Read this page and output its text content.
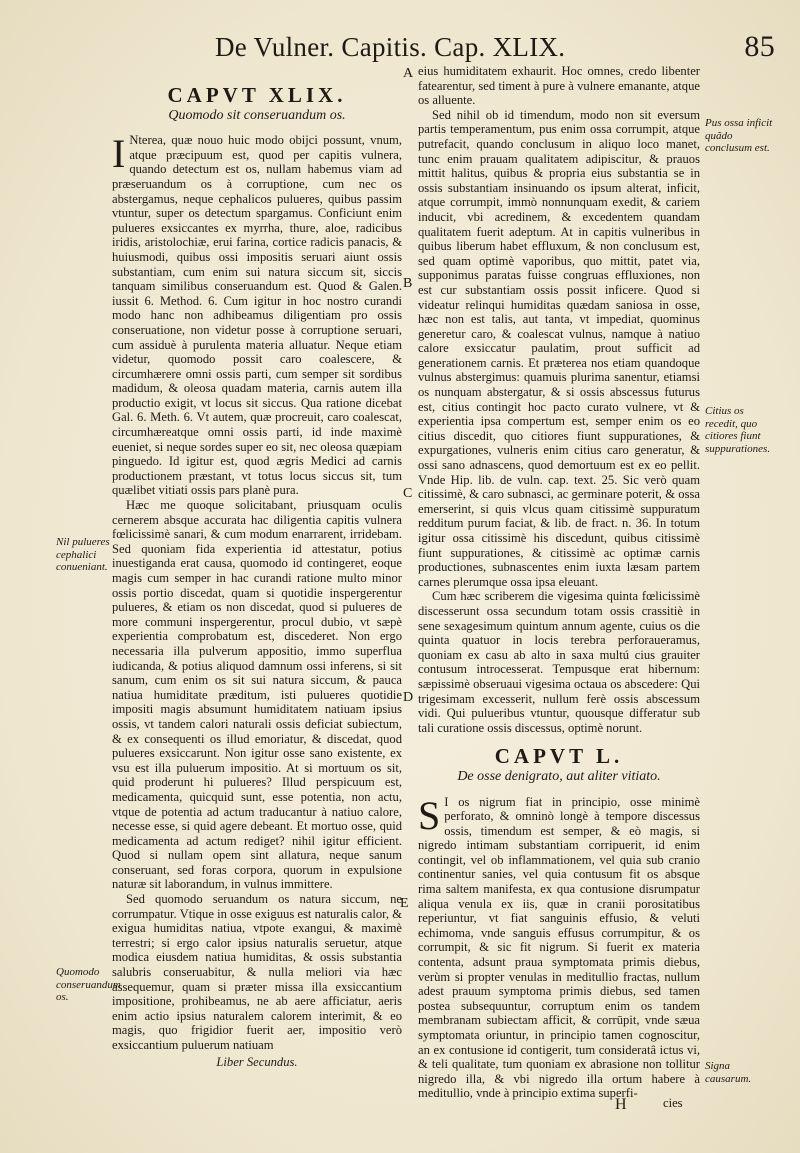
De Vulner. Capitis. Cap. XLIX.	85
CAPVT XLIX.
Quomodo sit conseruandum os.

I Nterea, quæ nouo huic modo obijci possunt, vnum, atque præcipuum est, quod per capitis vulnera, quando detectum est os, nullam habemus viam ad præseruandum os à corruptione, cum nec os abstergamus, neque cephalicos pulueres, quibus passim vtuntur, super os detectum spargamus. Conficiunt enim pulueres exsiccantes ex myrrha, thure, aloe, radicibus iridis, aristolochiæ, erui farina, cortice radicis panacis, & huiusmodi, quibus ossi impositis seruari aiunt ossis substantiam, cum enim sui natura siccum sit, siccis tanquam similibus conseruandum est. Quod & Galen. iussit 6. Method. 6. Cum igitur in hoc nostro curandi modo hanc non adhibeamus diligentiam pro ossis conseruatione, non videtur posse à corruptione seruari, cum assiduè à purulenta materia alluatur. Neque etiam videtur, quomodo possit caro coalescere, & circumhærere omni ossis parti, cum semper sit sordibus madidum, & oleosa quadam materia, carnis autem illa productio exigit, vt locus sit siccus. Qua ratione dicebat Gal. 6. Meth. 6. Vt autem, quæ procreuit, caro coalescat, circumhæreatque omni ossis parti, id inde maximè eueniet, si neque sordes super eo sit, nec oleosa quæpiam pinguedo. Id igitur est, quod ægris Medici ad carnis productionem præstant, vt totus locus siccus sit, tum quælibet vitiati ossis pars planè pura.

Hæc me quoque solicitabant, priusquam oculis cernerem absque accurata hac diligentia capitis vulnera fœlicissimè sanari, & cum modum enarrarent, irridebam. Sed quoniam fida experientia id attestatur, potius inuestiganda erat causa, quomodo id contingeret, eoque magis cum semper in hac curandi ratione multo minor ossis portio discedat, quam si quotidie inspergerentur pulueres, & etiam os non discedat, quod si pulueres de more communi inspergerentur, procul dubio, vt sæpè experientia comprobatum est, discederet. Non ergo necessaria illa pulverum appositio, immo superflua iudicanda, & potius aliquod damnum ossi inferens, si sit sanum, cum enim os sit sui natura siccum, & pauca natiua humiditate præditum, isti pulueres quotidie impositi magis absumunt humiditatem natiuam ipsius ossis, vt tandem calori naturali ossis deficiat subiectum, & ex consequenti os illud emoriatur, & discedat, quod pulueres exsiccarunt. Non igitur osse sano existente, ex vsu est illa puluerum impositio. At si mortuum os sit, quid proderunt hi pulueres? Illud perspicuum est, medicamenta, quicquid sunt, esse potentia, non actu, vtque de potentia ad actum traducantur à natiuo calore, necesse esse, si quid agere debeant. Et mortuo osse, quid medicamenta ad actum rediget? nihil igitur efficient. Quod si nullam opem sint allatura, neque sanum conseruant, sed foras corpora, quorum in expulsione naturæ sit laborandum, in vulnus immittere.

Sed quomodo seruandum os natura siccum, ne corrumpatur. Vtique in osse exiguus est naturalis calor, & exigua humiditas natiua, vtpote exangui, & maximè terrestri; si ergo calor ipsius naturalis seruetur, atque modica eiusdem natiua humiditas, & ossis substantia salubris conseruabitur, & nulla meliori via hæc assequemur, quam si præter missa illa exsiccantium impositione, prohibeamus, ne ab aere afficiatur, aeris enim actio ipsius naturalem calorem interimit, & eo magis, quo frigidior fuerit aer, impositio verò exsiccantium puluerum natiuam

Liber Secundus.

eius humiditatem exhaurit. Hoc omnes, credo libenter fatearentur, sed timent à pure à vulnere emanante, atque os alluente.

Sed nihil ob id timendum, modo non sit eversum partis temperamentum, pus enim ossa corrumpit, atque putrefacit, quando conclusum in aliquo loco manet, tunc enim prauam qualitatem adipiscitur, & prauos mittit halitus, quibus & propria eius substantia se in ossis substantiam insinuando os ipsum alterat, inficit, atque corrumpit, immò nonnunquam exedit, & cariem inducit, vbi acredinem, & excedentem quandam qualitatem fuerit adeptum. At in capitis vulneribus in quibus liberum habet effluxum, & non conclusum est, sed quam optimè vaporibus, quo mittit, patet via, supponimus paratas fuisse congruas effluxiones, non est cur substantiam ossis possit inficere. Quod si videatur relinqui humiditas quædam saniosa in osse, hæc non est talis, aut tanta, vt impediat, quominus generetur caro, & coalescat vulnus, namque à natiuo calore exsiccatur paulatim, prout sufficit ad generationem carnis. Et præterea nos etiam quandoque vulnus abstergimus: quamuis plurima sanentur, etiamsi os nunquam abstergatur, & si ossis abscessus futurus est, citius contingit hoc pacto curato vulnere, vt & experientia ipsa compertum est, semper enim os eo citius discedit, quo citiores fiunt suppurationes, & expurgationes, vulneris enim citius caro generatur, & ossi sano adnascens, quod demortuum est ex eo pellit. Vnde Hip. lib. de vuln. cap. text. 25. Sic verò quam citissimè, & caro subnasci, ac germinare poterit, & ossa emerserint, si quis vlcus quam citissimè suppuratum redditum purum faciat, & lib. de fract. n. 36. In totum igitur ossa citissimè his discedunt, quibus citissimè fiunt suppurationes, & citissimè ac optimæ carnis productiones, subnascentes enim iuxta læsam partem carnes plerumque ossa ipsa eleuant.

Cum hæc scriberem die vigesima quinta fœlicissimè discesserunt ossa secundum totam ossis crassitiè in sene sexagesimum quintum annum agente, cuius os die quinta quatuor in locis terebra perforaueramus, quoniam ex casu ab alto in saxa multú cius grauiter contusum introcesserat. Tempusque erat hibernum: sæpissimè obseruaui vigesima octaua os abscedere: Qui trigesimam excesserit, nullum ferè ossis abscessum vidi. Qui pulueribus vtuntur, quousque differatur sub tali curatione ossis discessus, optimè norunt.

CAPVT L.
De osse denigrato, aut aliter vitiato.

S I os nigrum fiat in principio, osse minimè perforato, & omninò longè à tempore discessus ossis, timendum est semper, & eò magis, si nigredo intimam substantiam corripuerit, id enim contingit, vel ob inflammationem, vel quia sub cranio continentur sanies, vel quia contusum fit os absque rima saltem manifesta, ex qua contusione disrumpatur aliqua venula ex iis, quæ in cranii porositatibus reperiuntur, vt fiat sanguinis effusio, & veluti echimoma, vnde sanguis effusus corrumpitur, & os corrumpit, & sic fit nigrum. Si fuerit ex materia contenta, adsunt praua symptomata primis diebus, verùm si propter venulas in meditullio fractas, nullum adest prauum symptoma primis diebus, sed tamen postea subsequuntur, corruptum enim os tandem membranam subiectam afficit, & corrūpit, vnde sæua symptomata oriuntur, in principio tamen cognoscitur, an ex contusione id contigerit, tum consideratâ ictus vi, & teli qualitate, tum quoniam ex abrasione non tollitur nigredo illa, & vbi nigredo illa ortum habere à meditullio, vnde à principio extima superfi-

A
B
C
D
E
Nil pulueres cephalici conueniant.
Quomodo conseruandum os.
Pus ossa inficit quãdo conclusum est.
Citius os recedit, quo citiores fiunt suppurationes.
Signa causarum.
H	cies
